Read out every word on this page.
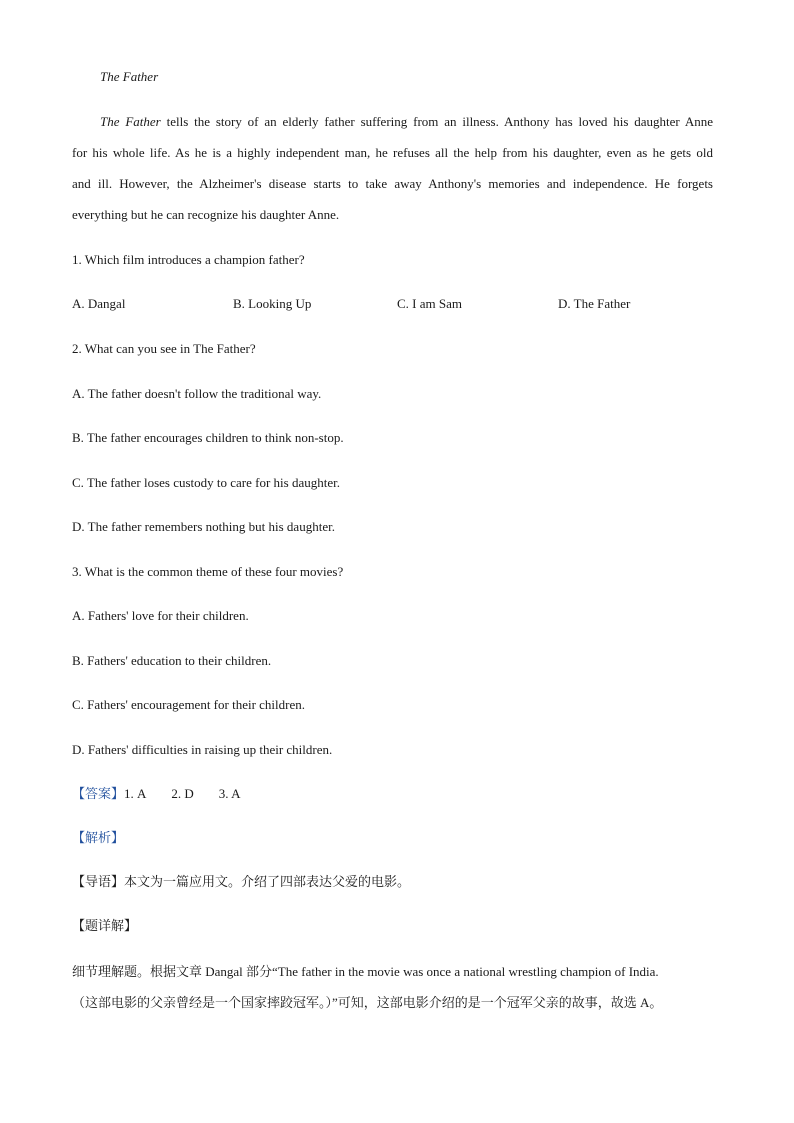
The Father
The Father tells the story of an elderly father suffering from an illness. Anthony has loved his daughter Anne
for his whole life. As he is a highly independent man, he refuses all the help from his daughter, even as he gets old
and ill. However, the Alzheimer's disease starts to take away Anthony's memories and independence. He forgets
everything but he can recognize his daughter Anne.
1. Which film introduces a champion father?
A. Dangal	B. Looking Up	C. I am Sam	D. The Father
2. What can you see in The Father?
A. The father doesn't follow the traditional way.
B. The father encourages children to think non-stop.
C. The father loses custody to care for his daughter.
D. The father remembers nothing but his daughter.
3. What is the common theme of these four movies?
A. Fathers' love for their children.
B. Fathers' education to their children.
C. Fathers' encouragement for their children.
D. Fathers' difficulties in raising up their children.
【答案】1. A 2. D 3. A
【解析】
【导语】本文为一篇应用文。介绍了四部表达父爱的电影。
【题详解】
细节理解题。根据文章 Dangal 部分“The father in the movie was once a national wrestling champion of India.
（这部电影的父亲曾经是一个国家摔跤冠军。）”可知，这部电影介绍的是一个冠军父亲的故事，故选 A。
